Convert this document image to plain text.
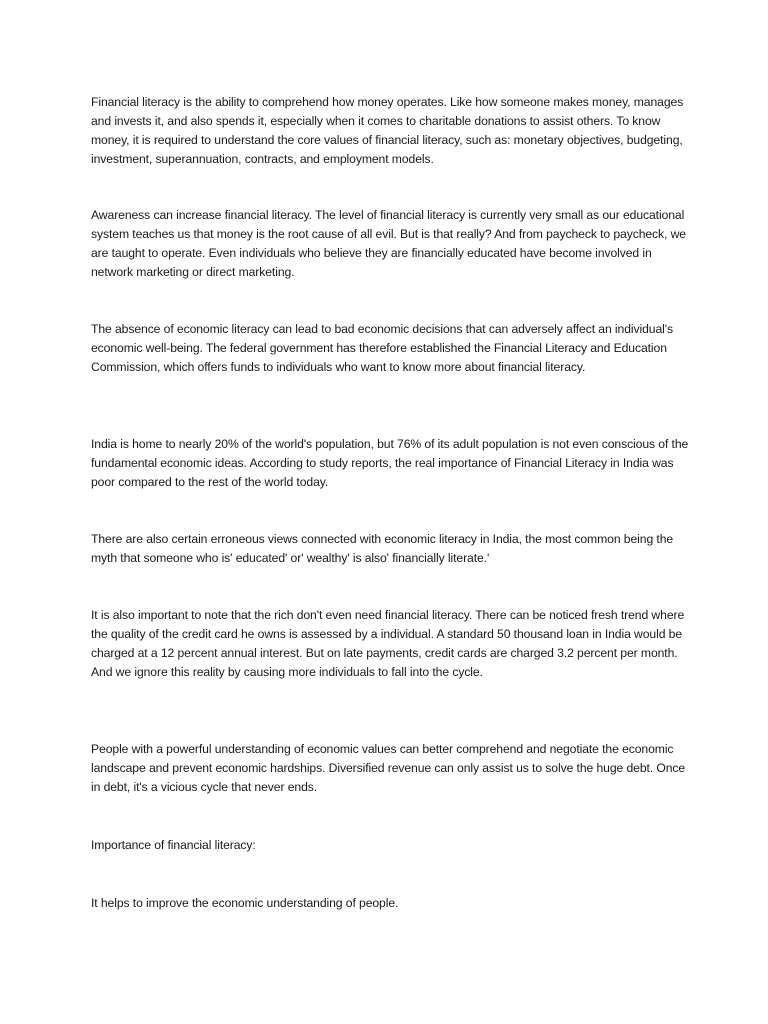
Financial literacy is the ability to comprehend how money operates. Like how someone makes money, manages and invests it, and also spends it, especially when it comes to charitable donations to assist others. To know money, it is required to understand the core values of financial literacy, such as: monetary objectives, budgeting, investment, superannuation, contracts, and employment models.

Awareness can increase financial literacy. The level of financial literacy is currently very small as our educational system teaches us that money is the root cause of all evil. But is that really? And from paycheck to paycheck, we are taught to operate. Even individuals who believe they are financially educated have become involved in network marketing or direct marketing.

The absence of economic literacy can lead to bad economic decisions that can adversely affect an individual's economic well-being. The federal government has therefore established the Financial Literacy and Education Commission, which offers funds to individuals who want to know more about financial literacy.

India is home to nearly 20% of the world's population, but 76% of its adult population is not even conscious of the fundamental economic ideas. According to study reports, the real importance of Financial Literacy in India was poor compared to the rest of the world today.

There are also certain erroneous views connected with economic literacy in India, the most common being the myth that someone who is' educated' or' wealthy' is also' financially literate.'

It is also important to note that the rich don't even need financial literacy. There can be noticed fresh trend where the quality of the credit card he owns is assessed by a individual. A standard 50 thousand loan in India would be charged at a 12 percent annual interest. But on late payments, credit cards are charged 3.2 percent per month. And we ignore this reality by causing more individuals to fall into the cycle.

People with a powerful understanding of economic values can better comprehend and negotiate the economic landscape and prevent economic hardships. Diversified revenue can only assist us to solve the huge debt. Once in debt, it's a vicious cycle that never ends.

Importance of financial literacy:

It helps to improve the economic understanding of people.
